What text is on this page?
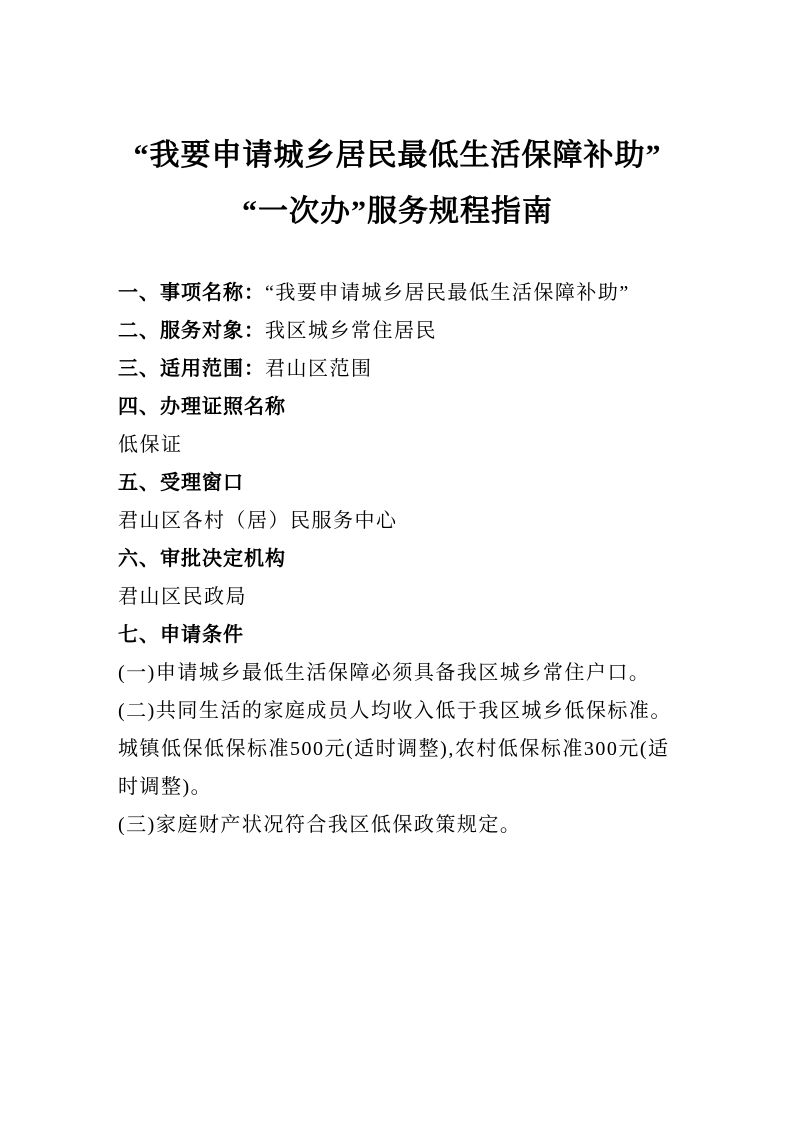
“我要申请城乡居民最低生活保障补助”
“一次办”服务规程指南

一、事项名称：“我要申请城乡居民最低生活保障补助”

二、服务对象：我区城乡常住居民

三、适用范围：君山区范围

四、办理证照名称

低保证

五、受理窗口

君山区各村（居）民服务中心

六、审批决定机构

君山区民政局

七、申请条件

(一)申请城乡最低生活保障必须具备我区城乡常住户口。

(二)共同生活的家庭成员人均收入低于我区城乡低保标准。

城镇低保低保标准500元(适时调整),农村低保标准300元(适

时调整)。

(三)家庭财产状况符合我区低保政策规定。
